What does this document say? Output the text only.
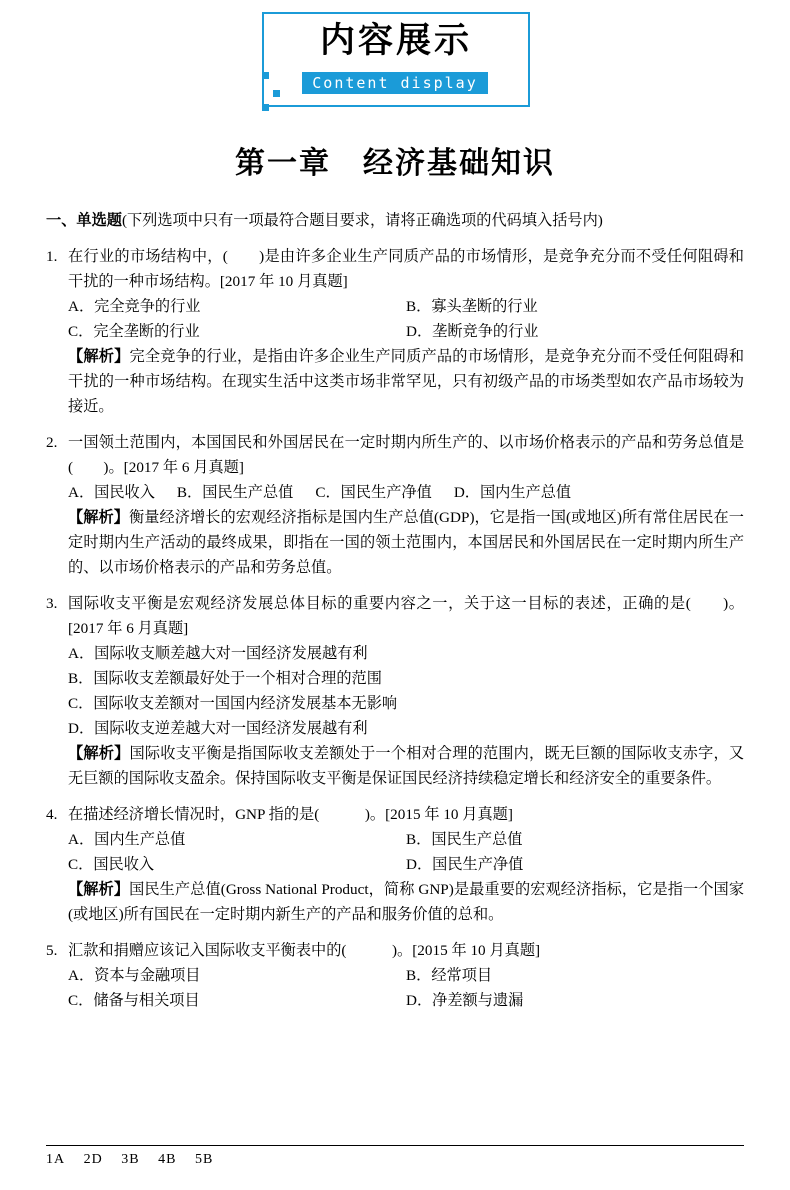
内容展示
Content display
第一章　经济基础知识
一、单选题(下列选项中只有一项最符合题目要求，请将正确选项的代码填入括号内)
1. 在行业的市场结构中，(　　)是由许多企业生产同质产品的市场情形，是竞争充分而不受任何阻碍和干扰的一种市场结构。[2017 年 10 月真题]
A．完全竞争的行业	B．寡头垄断的行业
C．完全垄断的行业	D．垄断竞争的行业
【解析】完全竞争的行业，是指由许多企业生产同质产品的市场情形，是竞争充分而不受任何阻碍和干扰的一种市场结构。在现实生活中这类市场非常罕见，只有初级产品的市场类型如农产品市场较为接近。
2. 一国领土范围内，本国国民和外国居民在一定时期内所生产的、以市场价格表示的产品和劳务总值是(　　)。[2017 年 6 月真题]
A．国民收入 B．国民生产总值 C．国民生产净值 D．国内生产总值
【解析】衡量经济增长的宏观经济指标是国内生产总值(GDP)，它是指一国(或地区)所有常住居民在一定时期内生产活动的最终成果，即指在一国的领土范围内，本国居民和外国居民在一定时期内所生产的、以市场价格表示的产品和劳务总值。
3. 国际收支平衡是宏观经济发展总体目标的重要内容之一，关于这一目标的表述，正确的是(　　)。[2017 年 6 月真题]
A．国际收支顺差越大对一国经济发展越有利
B．国际收支差额最好处于一个相对合理的范围
C．国际收支差额对一国国内经济发展基本无影响
D．国际收支逆差越大对一国经济发展越有利
【解析】国际收支平衡是指国际收支差额处于一个相对合理的范围内，既无巨额的国际收支赤字，又无巨额的国际收支盈余。保持国际收支平衡是保证国民经济持续稳定增长和经济安全的重要条件。
4. 在描述经济增长情况时，GNP 指的是(　　　)。[2015 年 10 月真题]
A．国内生产总值	B．国民生产总值
C．国民收入	D．国民生产净值
【解析】国民生产总值(Gross National Product，简称 GNP)是最重要的宏观经济指标，它是指一个国家(或地区)所有国民在一定时期内新生产的产品和服务价值的总和。
5. 汇款和捐赠应该记入国际收支平衡表中的(　　　)。[2015 年 10 月真题]
A．资本与金融项目	B．经常项目
C．储备与相关项目	D．净差额与遗漏
1A 2D 3B 4B 5B
